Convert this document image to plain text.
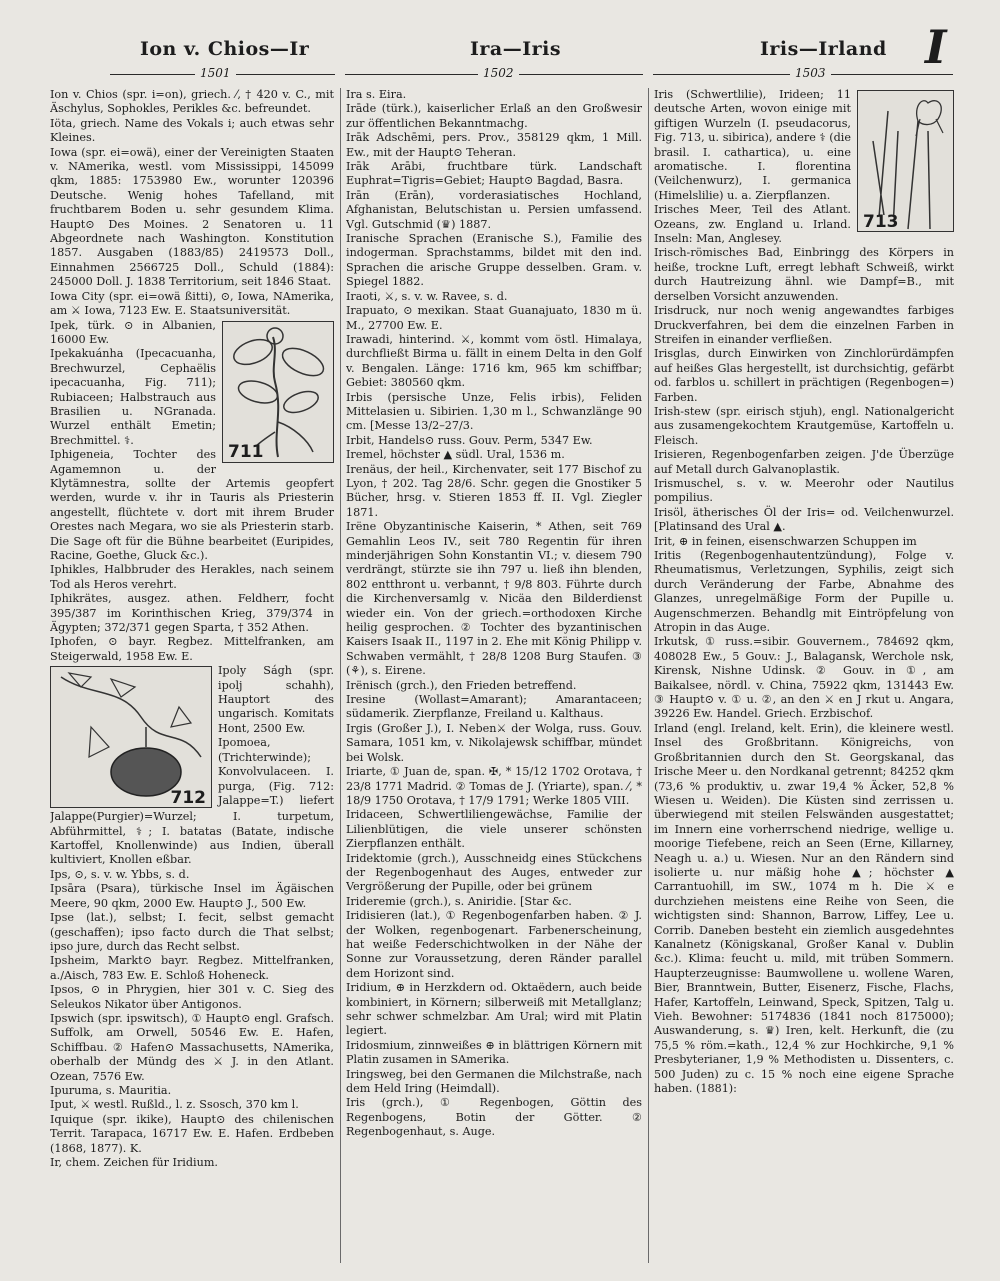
Ion v. Chios—Ir	Ira—Iris	Iris—Irland I
1501	1502	1503

Ion v. Chios (spr. i=on), griech. ⁄, † 420 v. C., mit Äschylus, Sophokles, Perikles &c. befreundet.

Iöta, griech. Name des Vokals i; auch etwas sehr Kleines.

Iowa (spr. ei=owä), einer der Vereinigten Staaten v. NAmerika, westl. vom Mississippi, 145099 qkm, 1885: 1753980 Ew., worunter 120396 Deutsche. Wenig hohes Tafelland, mit fruchtbarem Boden u. sehr gesundem Klima. Haupt⊙ Des Moines. 2 Senatoren u. 11 Abgeordnete nach Washington. Konstitution 1857. Ausgaben (1883/85) 2419573 Doll., Einnahmen 2566725 Doll., Schuld (1884): 245000 Doll. J. 1838 Territorium, seit 1846 Staat.

Iowa City (spr. ei=owä ßitti), ⊙, Iowa, NAmerika, am ⚔ Iowa, 7123 Ew. E. Staatsuniversität.

711

Ipek, türk. ⊙ in Albanien, 16000 Ew.

Ipekakuánha (Ipecacuanha, Brechwurzel, Cephaëlis ipecacuanha, Fig. 711); Rubiaceen; Halbstrauch aus Brasilien u. NGranada. Wurzel enthält Emetin; Brechmittel. ⚕.

Iphigeneia, Tochter des Agamemnon u. der Klytämnestra, sollte der Artemis geopfert werden, wurde v. ihr in Tauris als Priesterin angestellt, flüchtete v. dort mit ihrem Bruder Orestes nach Megara, wo sie als Priesterin starb. Die Sage oft für die Bühne bearbeitet (Euripides, Racine, Goethe, Gluck &c.).

Iphikles, Halbbruder des Herakles, nach seinem Tod als Heros verehrt.

Iphikrätes, ausgez. athen. Feldherr, focht 395/387 im Korinthischen Krieg, 379/374 in Ägypten; 372/371 gegen Sparta, † 352 Athen.

Iphofen, ⊙ bayr. Regbez. Mittelfranken, am Steigerwald, 1958 Ew. E.

712

Ipoly Ságh (spr. ipolj schahh), Hauptort des ungarisch. Komitats Hont, 2500 Ew.

Ipomoea, (Trichterwinde); Konvolvulaceen. I. purga, (Fig. 712: Jalappe=T.) liefert Jalappe(Purgier)=Wurzel; I. turpetum, Abführmittel, ⚕; I. batatas (Batate, indische Kartoffel, Knollenwinde) aus Indien, überall kultiviert, Knollen eßbar.

Ips, ⊙, s. v. w. Ybbs, s. d.

Ipsāra (Psara), türkische Insel im Ägäischen Meere, 90 qkm, 2000 Ew. Haupt⊙ J., 500 Ew.

Ipse (lat.), selbst; I. fecit, selbst gemacht (geschaffen); ipso facto durch die That selbst; ipso jure, durch das Recht selbst.

Ipsheim, Markt⊙ bayr. Regbez. Mittelfranken, a./Aisch, 783 Ew. E. Schloß Hoheneck.

Ipsos, ⊙ in Phrygien, hier 301 v. C. Sieg des Seleukos Nikator über Antigonos.

Ipswich (spr. ipswitsch), ① Haupt⊙ engl. Grafsch. Suffolk, am Orwell, 50546 Ew. E. Hafen, Schiffbau. ② Hafen⊙ Massachusetts, NAmerika, oberhalb der Mündg des ⚔ J. in den Atlant. Ozean, 7576 Ew.

Ipuruma, s. Mauritia.

Iput, ⚔ westl. Rußld., l. z. Ssosch, 370 km l.

Iquique (spr. ikike), Haupt⊙ des chilenischen Territ. Tarapaca, 16717 Ew. E. Hafen. Erdbeben (1868, 1877). K.

Ir, chem. Zeichen für Iridium.

Ira s. Eira.

Irāde (türk.), kaiserlicher Erlaß an den Großwesir zur öffentlichen Bekanntmachg.

Irāk Adschēmi, pers. Prov., 358129 qkm, 1 Mill. Ew., mit der Haupt⊙ Teheran.

Irāk Arābi, fruchtbare türk. Landschaft Euphrat=Tigris=Gebiet; Haupt⊙ Bagdad, Basra.

Irān (Erān), vorderasiatisches Hochland, Afghanistan, Belutschistan u. Persien umfassend. Vgl. Gutschmid (♛) 1887.

Iranische Sprachen (Eranische S.), Familie des indogerman. Sprachstamms, bildet mit den ind. Sprachen die arische Gruppe desselben. Gram. v. Spiegel 1882.

Iraoti, ⚔, s. v. w. Ravee, s. d.

Irapuato, ⊙ mexikan. Staat Guanajuato, 1830 m ü. M., 27700 Ew. E.

Irawadi, hinterind. ⚔, kommt vom östl. Himalaya, durchfließt Birma u. fällt in einem Delta in den Golf v. Bengalen. Länge: 1716 km, 965 km schiffbar; Gebiet: 380560 qkm.

Irbis (persische Unze, Felis irbis), Feliden Mittelasien u. Sibirien. 1,30 m l., Schwanzlänge 90 cm. [Messe 13/2–27/3.

Irbit, Handels⊙ russ. Gouv. Perm, 5347 Ew.

Iremel, höchster ▲ südl. Ural, 1536 m.

Irenäus, der heil., Kirchenvater, seit 177 Bischof zu Lyon, † 202. Tag 28/6. Schr. gegen die Gnostiker 5 Bücher, hrsg. v. Stieren 1853 ff. II. Vgl. Ziegler 1871.

Irëne Obyzantinische Kaiserin, * Athen, seit 769 Gemahlin Leos IV., seit 780 Regentin für ihren minderjährigen Sohn Konstantin VI.; v. diesem 790 verdrängt, stürzte sie ihn 797 u. ließ ihn blenden, 802 entthront u. verbannt, † 9/8 803. Führte durch die Kirchenversamlg v. Nicäa den Bilderdienst wieder ein. Von der griech.=orthodoxen Kirche heilig gesprochen. ② Tochter des byzantinischen Kaisers Isaak II., 1197 in 2. Ehe mit König Philipp v. Schwaben vermählt, † 28/8 1208 Burg Staufen. ③ (⚘), s. Eirene.

Irënisch (grch.), den Frieden betreffend.

Iresine (Wollast=Amarant); Amarantaceen; südamerik. Zierpflanze, Freiland u. Kalthaus.

Irgis (Großer J.), I. Neben⚔ der Wolga, russ. Gouv. Samara, 1051 km, v. Nikolajewsk schiffbar, mündet bei Wolsk.

Iriarte, ① Juan de, span. ✠, * 15/12 1702 Orotava, † 23/8 1771 Madrid. ② Tomas de J. (Yriarte), span. ⁄, * 18/9 1750 Orotava, † 17/9 1791; Werke 1805 VIII.

Iridaceen, Schwertliliengewächse, Familie der Lilienblütigen, die viele unserer schönsten Zierpflanzen enthält.

Iridektomie (grch.), Ausschneidg eines Stückchens der Regenbogenhaut des Auges, entweder zur Vergrößerung der Pupille, oder bei grünem

Irideremie (grch.), s. Aniridie. [Star &c.

Iridisieren (lat.), ① Regenbogenfarben haben. ② J. der Wolken, regenbogenart. Farbenerscheinung, hat weiße Federschichtwolken in der Nähe der Sonne zur Voraussetzung, deren Ränder parallel dem Horizont sind.

Iridium, ⊕ in Herzkdern od. Oktaëdern, auch beide kombiniert, in Körnern; silberweiß mit Metallglanz; sehr schwer schmelzbar. Am Ural; wird mit Platin legiert.

Iridosmium, zinnweißes ⊕ in blättrigen Körnern mit Platin zusamen in SAmerika.

Iringsweg, bei den Germanen die Milchstraße, nach dem Held Iring (Heimdall).

Iris (grch.), ① Regenbogen, Göttin des Regenbogens, Botin der Götter. ② Regenbogenhaut, s. Auge.

713

Iris (Schwertlilie), Irideen; 11 deutsche Arten, wovon einige mit giftigen Wurzeln (I. pseudacorus, Fig. 713, u. sibirica), andere ⚕ (die brasil. I. cathartica), u. eine aromatische. I. florentina (Veilchenwurz), I. germanica (Himelslilie) u. a. Zierpflanzen.

Irisches Meer, Teil des Atlant. Ozeans, zw. England u. Irland. Inseln: Man, Anglesey.

Irisch-römisches Bad, Einbringg des Körpers in heiße, trockne Luft, erregt lebhaft Schweiß, wirkt durch Hautreizung ähnl. wie Dampf=B., mit derselben Vorsicht anzuwenden.

Irisdruck, nur noch wenig angewandtes farbiges Druckverfahren, bei dem die einzelnen Farben in Streifen in einander verfließen.

Irisglas, durch Einwirken von Zinchlorürdämpfen auf heißes Glas hergestellt, ist durchsichtig, gefärbt od. farblos u. schillert in prächtigen (Regenbogen=) Farben.

Irish-stew (spr. eirisch stjuh), engl. Nationalgericht aus zusamengekochtem Krautgemüse, Kartoffeln u. Fleisch.

Irisieren, Regenbogenfarben zeigen. J'de Überzüge auf Metall durch Galvanoplastik.

Irismuschel, s. v. w. Meerohr oder Nautilus pompilius.

Irisöl, ätherisches Öl der Iris= od. Veilchenwurzel. [Platinsand des Ural ▲.

Irit, ⊕ in feinen, eisenschwarzen Schuppen im

Iritis (Regenbogenhautentzündung), Folge v. Rheumatismus, Verletzungen, Syphilis, zeigt sich durch Veränderung der Farbe, Abnahme des Glanzes, unregelmäßige Form der Pupille u. Augenschmerzen. Behandlg mit Eintröpfelung von Atropin in das Auge.

Irkutsk, ① russ.=sibir. Gouvernem., 784692 qkm, 408028 Ew., 5 Gouv.: J., Balagansk, Werchole nsk, Kirensk, Nishne Udinsk. ② Gouv. in ①, am Baikalsee, nördl. v. China, 75922 qkm, 131443 Ew. ③ Haupt⊙ v. ① u. ②, an den ⚔ en J rkut u. Angara, 39226 Ew. Handel. Griech. Erzbischof.

Irland (engl. Ireland, kelt. Erin), die kleinere westl. Insel des Großbritann. Königreichs, von Großbritannien durch den St. Georgskanal, das Irische Meer u. den Nordkanal getrennt; 84252 qkm (73,6 % produktiv, u. zwar 19,4 % Äcker, 52,8 % Wiesen u. Weiden). Die Küsten sind zerrissen u. überwiegend mit steilen Felswänden ausgestattet; im Innern eine vorherrschend niedrige, wellige u. moorige Tiefebene, reich an Seen (Erne, Killarney, Neagh u. a.) u. Wiesen. Nur an den Rändern sind isolierte u. nur mäßig hohe ▲; höchster ▲ Carrantuohill, im SW., 1074 m h. Die ⚔ e durchziehen meistens eine Reihe von Seen, die wichtigsten sind: Shannon, Barrow, Liffey, Lee u. Corrib. Daneben besteht ein ziemlich ausgedehntes Kanalnetz (Königskanal, Großer Kanal v. Dublin &c.). Klima: feucht u. mild, mit trüben Sommern. Haupterzeugnisse: Baumwollene u. wollene Waren, Bier, Branntwein, Butter, Eisenerz, Fische, Flachs, Hafer, Kartoffeln, Leinwand, Speck, Spitzen, Talg u. Vieh. Bewohner: 5174836 (1841 noch 8175000); Auswanderung, s. ♛) Iren, kelt. Herkunft, die (zu 75,5 % röm.=kath., 12,4 % zur Hochkirche, 9,1 % Presbyterianer, 1,9 % Methodisten u. Dissenters, c. 500 Juden) zu c. 15 % noch eine eigene Sprache haben. (1881):
